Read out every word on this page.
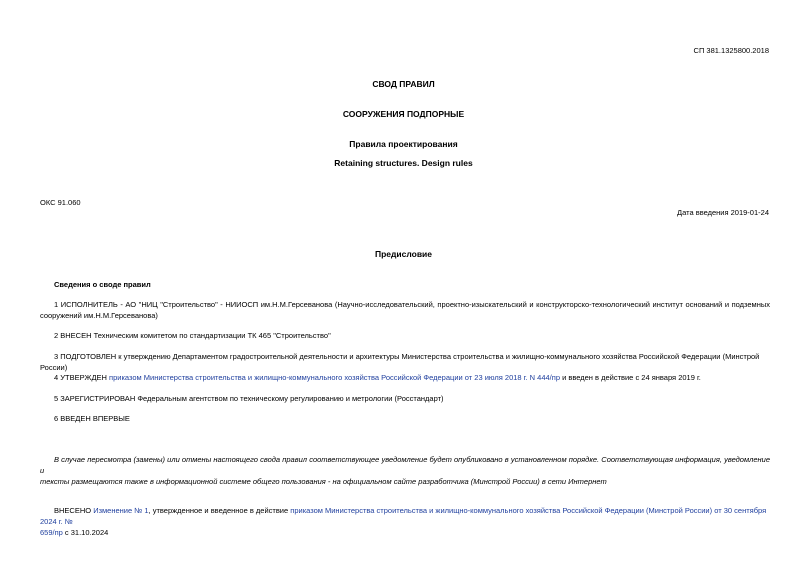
СП 381.1325800.2018
СВОД ПРАВИЛ
СООРУЖЕНИЯ ПОДПОРНЫЕ
Правила проектирования
Retaining structures. Design rules
ОКС 91.060
Дата введения 2019-01-24
Предисловие
Сведения о своде правил
1 ИСПОЛНИТЕЛЬ - АО "НИЦ "Строительство" - НИИОСП им.Н.М.Герсеванова (Научно-исследовательский, проектно-изыскательский и конструкторско-технологический институт оснований и подземных
сооружений им.Н.М.Герсеванова)
2 ВНЕСЕН Техническим комитетом по стандартизации ТК 465 "Строительство"
3 ПОДГОТОВЛЕН к утверждению Департаментом градостроительной деятельности и архитектуры Министерства строительства и жилищно-коммунального хозяйства Российской Федерации (Минстрой России)
4 УТВЕРЖДЕН приказом Министерства строительства и жилищно-коммунального хозяйства Российской Федерации от 23 июля 2018 г. N 444/пр и введен в действие с 24 января 2019 г.
5 ЗАРЕГИСТРИРОВАН Федеральным агентством по техническому регулированию и метрологии (Росстандарт)
6 ВВЕДЕН ВПЕРВЫЕ
В случае пересмотра (замены) или отмены настоящего свода правил соответствующее уведомление будет опубликовано в установленном порядке. Соответствующая информация, уведомление и
тексты размещаются также в информационной системе общего пользования - на официальном сайте разработчика (Минстрой России) в сети Интернет
ВНЕСЕНО Изменение № 1, утвержденное и введенное в действие приказом Министерства строительства и жилищно-коммунального хозяйства Российской Федерации (Минстрой России) от 30 сентября 2024 г. №
659/пр с 31.10.2024
